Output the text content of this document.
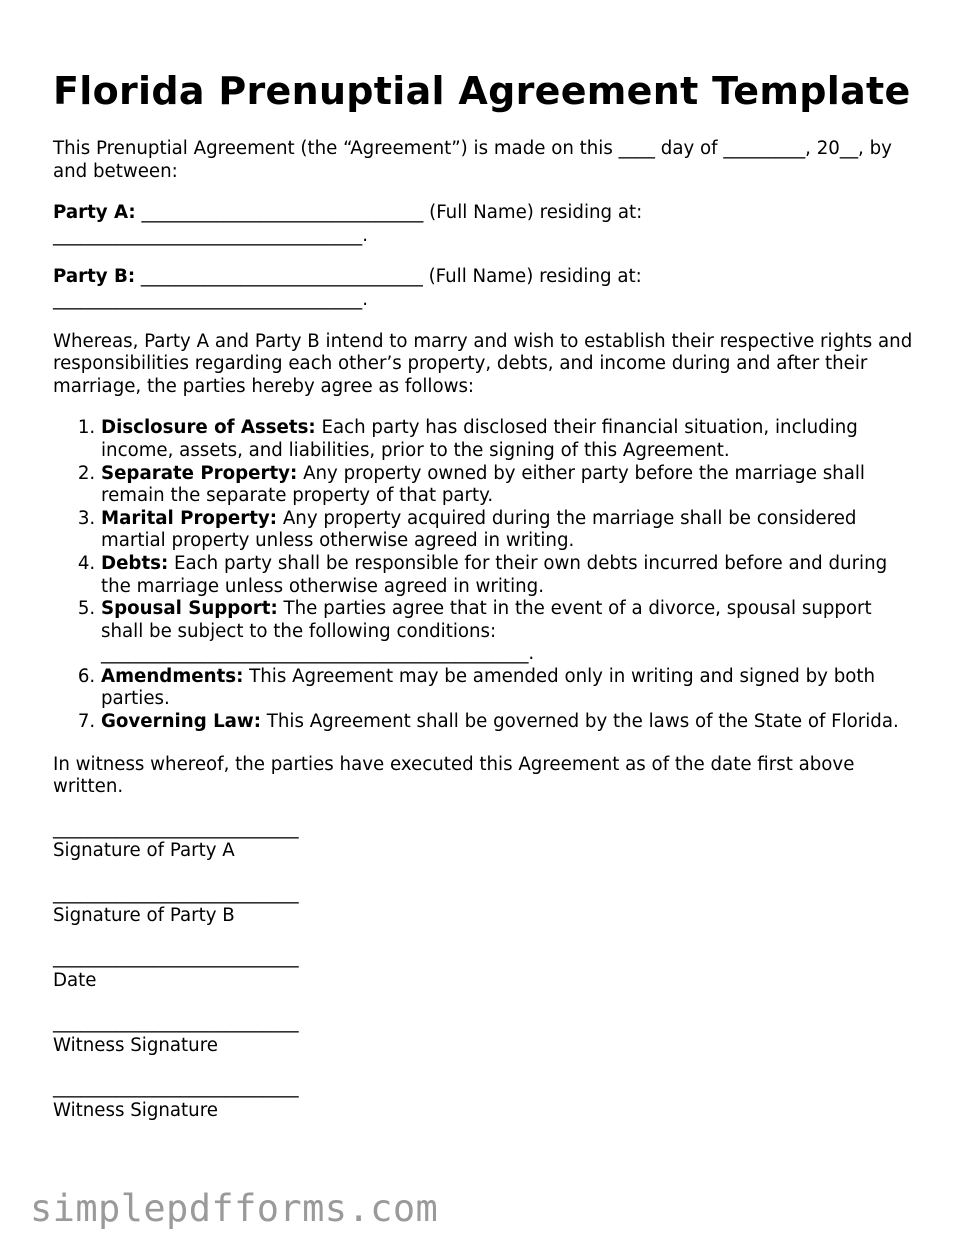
Florida Prenuptial Agreement Template

This Prenuptial Agreement (the “Agreement”) is made on this ____ day of _________, 20__, by and between:

Party A: _______________________________ (Full Name) residing at: __________________________________.

Party B: _______________________________ (Full Name) residing at: __________________________________.

Whereas, Party A and Party B intend to marry and wish to establish their respective rights and responsibilities regarding each other’s property, debts, and income during and after their marriage, the parties hereby agree as follows:

1. Disclosure of Assets: Each party has disclosed their financial situation, including income, assets, and liabilities, prior to the signing of this Agreement.
2. Separate Property: Any property owned by either party before the marriage shall remain the separate property of that party.
3. Marital Property: Any property acquired during the marriage shall be considered martial property unless otherwise agreed in writing.
4. Debts: Each party shall be responsible for their own debts incurred before and during the marriage unless otherwise agreed in writing.
5. Spousal Support: The parties agree that in the event of a divorce, spousal support shall be subject to the following conditions: _______________________________________________.
6. Amendments: This Agreement may be amended only in writing and signed by both parties.
7. Governing Law: This Agreement shall be governed by the laws of the State of Florida.

In witness whereof, the parties have executed this Agreement as of the date first above written.

___________________________
Signature of Party A
___________________________
Signature of Party B
___________________________
Date
___________________________
Witness Signature
___________________________
Witness Signature
simplepdfforms.com
